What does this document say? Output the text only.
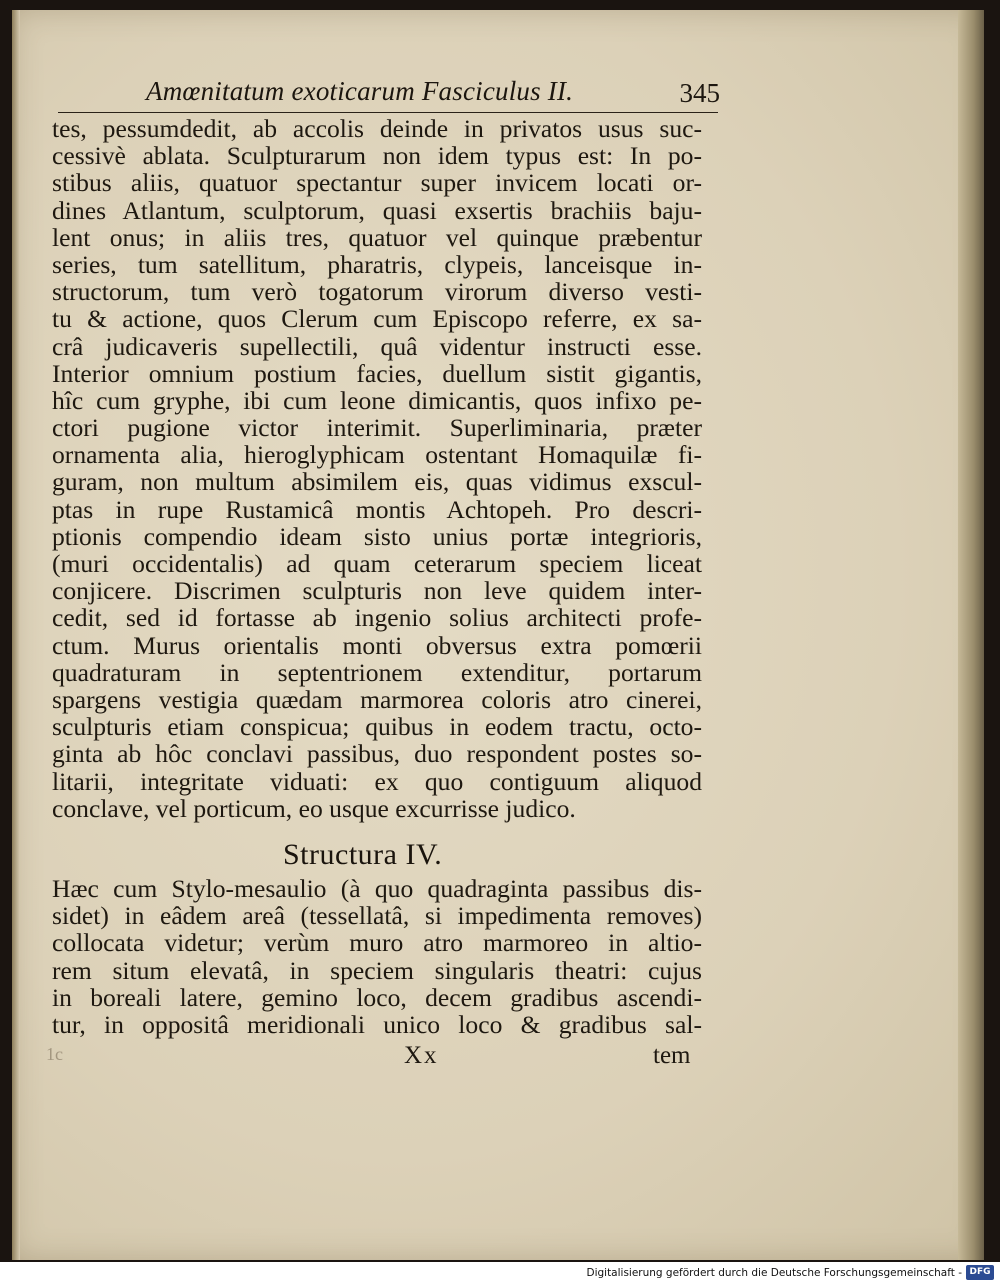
Amœnitatum exoticarum Fasciculus II.	345
tes, pessumdedit, ab accolis deinde in privatos usus suc-
cessivè ablata. Sculpturarum non idem typus est: In po-
stibus aliis, quatuor spectantur super invicem locati or-
dines Atlantum, sculptorum, quasi exsertis brachiis baju-
lent onus; in aliis tres, quatuor vel quinque præbentur
series, tum satellitum, pharatris, clypeis, lanceisque in-
structorum, tum verò togatorum virorum diverso vesti-
tu & actione, quos Clerum cum Episcopo referre, ex sa-
crâ judicaveris supellectili, quâ videntur instructi esse.
Interior omnium postium facies, duellum sistit gigantis,
hîc cum gryphe, ibi cum leone dimicantis, quos infixo pe-
ctori pugione victor interimit. Superliminaria, præter
ornamenta alia, hieroglyphicam ostentant Homaquilæ fi-
guram, non multum absimilem eis, quas vidimus exscul-
ptas in rupe Rustamicâ montis Achtopeh. Pro descri-
ptionis compendio ideam sisto unius portæ integrioris,
(muri occidentalis) ad quam ceterarum speciem liceat
conjicere. Discrimen sculpturis non leve quidem inter-
cedit, sed id fortasse ab ingenio solius architecti profe-
ctum. Murus orientalis monti obversus extra pomœrii
quadraturam in septentrionem extenditur, portarum
spargens vestigia quædam marmorea coloris atro cinerei,
sculpturis etiam conspicua; quibus in eodem tractu, octo-
ginta ab hôc conclavi passibus, duo respondent postes so-
litarii, integritate viduati: ex quo contiguum aliquod
conclave, vel porticum, eo usque excurrisse judico.
Structura IV.
Hæc cum Stylo-mesaulio (à quo quadraginta passibus dis-
sidet) in eâdem areâ (tessellatâ, si impedimenta removes)
collocata videtur; verùm muro atro marmoreo in altio-
rem situm elevatâ, in speciem singularis theatri: cujus
in boreali latere, gemino loco, decem gradibus ascendi-
tur, in oppositâ meridionali unico loco & gradibus sal-
1c	Xx	tem
Digitalisierung gefördert durch die Deutsche Forschungsgemeinschaft - DFG
